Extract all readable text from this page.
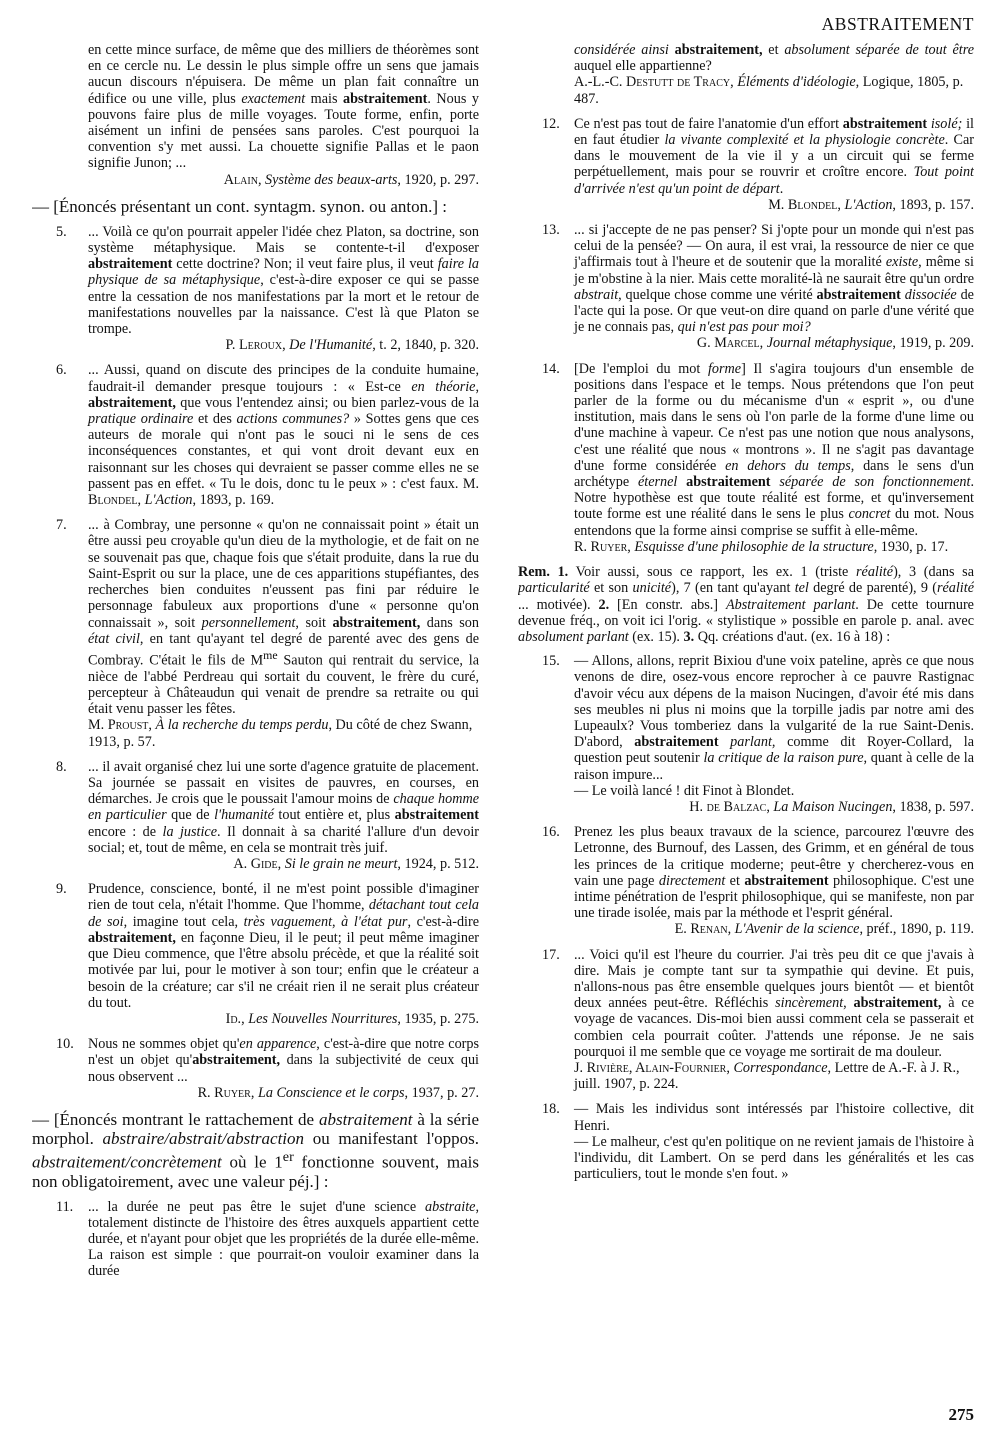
ABSTRAITEMENT
en cette mince surface, de même que des milliers de théorèmes sont en ce cercle nu. Le dessin le plus simple offre un sens que jamais aucun discours n'épuisera. De même un plan fait connaître un édifice ou une ville, plus exactement mais abstraitement. Nous y pouvons faire plus de mille voyages. Toute forme, enfin, porte aisément un infini de pensées sans paroles. C'est pourquoi la convention s'y met aussi. La chouette signifie Pallas et le paon signifie Junon; ...
Alain, Système des beaux-arts, 1920, p. 297.
— [Énoncés présentant un cont. syntagm. synon. ou anton.] :
5.	... Voilà ce qu'on pourrait appeler l'idée chez Platon, sa doctrine, son système métaphysique. Mais se contente-t-il d'exposer abstraitement cette doctrine? Non; il veut faire plus, il veut faire la physique de sa métaphysique, c'est-à-dire exposer ce qui se passe entre la cessation de nos manifestations par la mort et le retour de manifestations nouvelles par la naissance. C'est là que Platon se trompe.
P. Leroux, De l'Humanité, t. 2, 1840, p. 320.
6.	... Aussi, quand on discute des principes de la conduite humaine, faudrait-il demander presque toujours : « Est-ce en théorie, abstraitement, que vous l'entendez ainsi; ou bien parlez-vous de la pratique ordinaire et des actions communes? » Sottes gens que ces auteurs de morale qui n'ont pas le souci ni le sens de ces inconséquences constantes, et qui vont droit devant eux en raisonnant sur les choses qui devraient se passer comme elles ne se passent pas en effet. « Tu le dois, donc tu le peux » : c'est faux. M. Blondel, L'Action, 1893, p. 169.
7.	... à Combray, une personne « qu'on ne connaissait point » était un être aussi peu croyable qu'un dieu de la mythologie, et de fait on ne se souvenait pas que, chaque fois que s'était produite, dans la rue du Saint-Esprit ou sur la place, une de ces apparitions stupéfiantes, des recherches bien conduites n'eussent pas fini par réduire le personnage fabuleux aux proportions d'une « personne qu'on connaissait », soit personnellement, soit abstraitement, dans son état civil, en tant qu'ayant tel degré de parenté avec des gens de Combray. C'était le fils de $M^{me}$ Sauton qui rentrait du service, la nièce de l'abbé Perdreau qui sortait du couvent, le frère du curé, percepteur à Châteaudun qui venait de prendre sa retraite ou qui était venu passer les fêtes.
M. Proust, À la recherche du temps perdu, Du côté de chez Swann, 1913, p. 57.
8.	... il avait organisé chez lui une sorte d'agence gratuite de placement. Sa journée se passait en visites de pauvres, en courses, en démarches. Je crois que le poussait l'amour moins de chaque homme en particulier que de l'humanité tout entière et, plus abstraitement encore : de la justice. Il donnait à sa charité l'allure d'un devoir social; et, tout de même, en cela se montrait très juif.
A. Gide, Si le grain ne meurt, 1924, p. 512.
9.	Prudence, conscience, bonté, il ne m'est point possible d'imaginer rien de tout cela, n'était l'homme. Que l'homme, détachant tout cela de soi, imagine tout cela, très vaguement, à l'état pur, c'est-à-dire abstraitement, en façonne Dieu, il le peut; il peut même imaginer que Dieu commence, que l'être absolu précède, et que la réalité soit motivée par lui, pour le motiver à son tour; enfin que le créateur a besoin de la créature; car s'il ne créait rien il ne serait plus créateur du tout.
Id., Les Nouvelles Nourritures, 1935, p. 275.
10.	Nous ne sommes objet qu'en apparence, c'est-à-dire que notre corps n'est un objet qu'abstraitement, dans la subjectivité de ceux qui nous observent ...
R. Ruyer, La Conscience et le corps, 1937, p. 27.
— [Énoncés montrant le rattachement de abstraitement à la série morphol. abstraire/abstrait/abstraction ou manifestant l'oppos. abstraitement/concrètement où le 1er fonctionne souvent, mais non obligatoirement, avec une valeur péj.] :
11.	... la durée ne peut pas être le sujet d'une science abstraite, totalement distincte de l'histoire des êtres auxquels appartient cette durée, et n'ayant pour objet que les propriétés de la durée elle-même. La raison est simple : que pourrait-on vouloir examiner dans la durée
considérée ainsi abstraitement, et absolument séparée de tout être auquel elle appartienne?
A.-L.-C. Destutt de Tracy, Éléments d'idéologie, Logique, 1805, p. 487.
12.	Ce n'est pas tout de faire l'anatomie d'un effort abstraitement isolé; il en faut étudier la vivante complexité et la physiologie concrète. Car dans le mouvement de la vie il y a un circuit qui se ferme perpétuellement, mais pour se rouvrir et croître encore. Tout point d'arrivée n'est qu'un point de départ.
M. Blondel, L'Action, 1893, p. 157.
13.	... si j'accepte de ne pas penser? Si j'opte pour un monde qui n'est pas celui de la pensée? — On aura, il est vrai, la ressource de nier ce que j'affirmais tout à l'heure et de soutenir que la moralité existe, même si je m'obstine à la nier. Mais cette moralité-là ne saurait être qu'un ordre abstrait, quelque chose comme une vérité abstraitement dissociée de l'acte qui la pose. Or que veut-on dire quand on parle d'une vérité que je ne connais pas, qui n'est pas pour moi?
G. Marcel, Journal métaphysique, 1919, p. 209.
14.	[De l'emploi du mot forme] Il s'agira toujours d'un ensemble de positions dans l'espace et le temps. Nous prétendons que l'on peut parler de la forme ou du mécanisme d'un « esprit », ou d'une institution, mais dans le sens où l'on parle de la forme d'une lime ou d'une machine à vapeur. Ce n'est pas une notion que nous analysons, c'est une réalité que nous « montrons ». Il ne s'agit pas davantage d'une forme considérée en dehors du temps, dans le sens d'un archétype éternel abstraitement séparée de son fonctionnement. Notre hypothèse est que toute réalité est forme, et qu'inversement toute forme est une réalité dans le sens le plus concret du mot. Nous entendons que la forme ainsi comprise se suffit à elle-même.
R. Ruyer, Esquisse d'une philosophie de la structure, 1930, p. 17.
Rem. 1. Voir aussi, sous ce rapport, les ex. 1 (triste réalité), 3 (dans sa particularité et son unicité), 7 (en tant qu'ayant tel degré de parenté), 9 (réalité ... motivée). 2. [En constr. abs.] Abstraitement parlant. De cette tournure devenue fréq., on voit ici l'orig. « stylistique » possible en parole p. anal. avec absolument parlant (ex. 15). 3. Qq. créations d'aut. (ex. 16 à 18) :
15.	— Allons, allons, reprit Bixiou d'une voix pateline, après ce que nous venons de dire, osez-vous encore reprocher à ce pauvre Rastignac d'avoir vécu aux dépens de la maison Nucingen, d'avoir été mis dans ses meubles ni plus ni moins que la torpille jadis par notre ami des Lupeaulx? Vous tomberiez dans la vulgarité de la rue Saint-Denis. D'abord, abstraitement parlant, comme dit Royer-Collard, la question peut soutenir la critique de la raison pure, quant à celle de la raison impure...
— Le voilà lancé ! dit Finot à Blondet.
H. de Balzac, La Maison Nucingen, 1838, p. 597.
16.	Prenez les plus beaux travaux de la science, parcourez l'œuvre des Letronne, des Burnouf, des Lassen, des Grimm, et en général de tous les princes de la critique moderne; peut-être y chercherez-vous en vain une page directement et abstraitement philosophique. C'est une intime pénétration de l'esprit philosophique, qui se manifeste, non par une tirade isolée, mais par la méthode et l'esprit général.
E. Renan, L'Avenir de la science, préf., 1890, p. 119.
17.	... Voici qu'il est l'heure du courrier. J'ai très peu dit ce que j'avais à dire. Mais je compte tant sur ta sympathie qui devine. Et puis, n'allons-nous pas être ensemble quelques jours bientôt — et bientôt deux années peut-être. Réfléchis sincèrement, abstraitement, à ce voyage de vacances. Dis-moi bien aussi comment cela se passerait et combien cela pourrait coûter. J'attends une réponse. Je ne sais pourquoi il me semble que ce voyage me sortirait de ma douleur.
J. Rivière, Alain-Fournier, Correspondance, Lettre de A.-F. à J. R., juill. 1907, p. 224.
18.	— Mais les individus sont intéressés par l'histoire collective, dit Henri.
— Le malheur, c'est qu'en politique on ne revient jamais de l'histoire à l'individu, dit Lambert. On se perd dans les généralités et les cas particuliers, tout le monde s'en fout. »
275
